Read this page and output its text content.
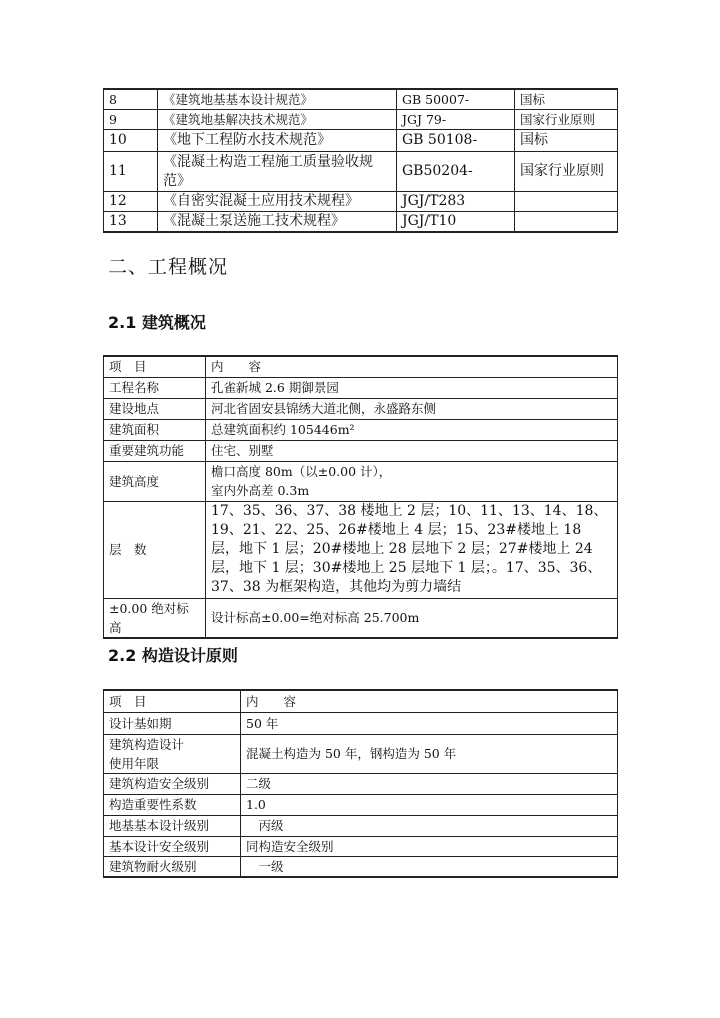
8	《建筑地基基本设计规范》	GB 50007-	国标
9	《建筑地基解决技术规范》	JGJ 79-	国家行业原则
10	《地下工程防水技术规范》	GB 50108-	国标
11	《混凝土构造工程施工质量验收规范》	GB50204-	国家行业原则
12	《自密实混凝土应用技术规程》	JGJ/T283	
13	《混凝土泵送施工技术规程》	JGJ/T10	
二、工程概况
2.1 建筑概况
项　目	内　　容
工程名称	孔雀新城 2.6 期御景园
建设地点	河北省固安县锦绣大道北侧，永盛路东侧
建筑面积	总建筑面积约 105446m²
重要建筑功能	住宅、别墅
建筑高度	檐口高度 80m（以±0.00 计），
室内外高差 0.3m
层　数	17、35、36、37、38 楼地上 2 层；10、11、13、14、18、19、21、22、25、26#楼地上 4 层；15、23#楼地上 18 层，地下 1 层；20#楼地上 28 层地下 2 层；27#楼地上 24 层，地下 1 层；30#楼地上 25 层地下 1 层；。17、35、36、37、38 为框架构造，其他均为剪力墙结
±0.00 绝对标高	设计标高±0.00=绝对标高 25.700m
2.2 构造设计原则
项　目	内　　容
设计基如期	50 年
建筑构造设计
使用年限	混凝土构造为 50 年，钢构造为 50 年
建筑构造安全级别	二级
构造重要性系数	1.0
地基基本设计级别	　丙级
基本设计安全级别	同构造安全级别
建筑物耐火级别	　一级
